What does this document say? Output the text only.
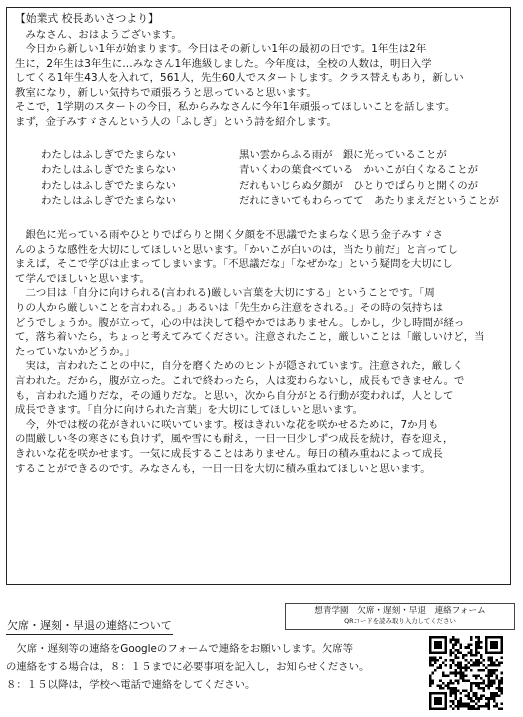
【始業式 校長あいさつより】
　みなさん、おはようございます。
　今日から新しい1年が始まります。今日はその新しい1年の最初の日です。1年生は2年
生に，2年生は3年生に…みなさん1年進級しました。今年度は，全校の人数は，明日入学
してくる1年生43人を入れて，561人，先生60人でスタートします。クラス替えもあり，新しい
教室になり，新しい気持ちで頑張ろうと思っていると思います。
そこで，1学期のスタートの今日，私からみなさんに今年1年頑張ってほしいことを話します。
まず，金子みすゞさんという人の「ふしぎ」という詩を紹介します。
わたしはふしぎでたまらない	黒い雲からふる雨が　銀に光っていることが
わたしはふしぎでたまらない	青いくわの葉食べている　かいこが白くなることが
わたしはふしぎでたまらない	だれもいじらぬ夕顔が　ひとりでぱらりと開くのが
わたしはふしぎでたまらない	だれにきいてもわらってて　あたりまえだということが
　銀色に光っている雨やひとりでぱらりと開く夕顔を不思議でたまらなく思う金子みすゞさ
んのような感性を大切にしてほしいと思います。「かいこが白いのは，当たり前だ」と言ってし
まえば，そこで学びは止まってしまいます。「不思議だな」「なぜかな」という疑問を大切にし
て学んでほしいと思います。
　二つ目は「自分に向けられる(言われる)厳しい言葉を大切にする」ということです。「周
りの人から厳しいことを言われる。」あるいは「先生から注意をされる。」その時の気持ちは
どうでしょうか。腹が立って，心の中は決して穏やかではありません。しかし，少し時間が経っ
て，落ち着いたら，ちょっと考えてみてください。注意されたこと，厳しいことは「厳しいけど，当
たっていないかどうか。」
　実は，言われたことの中に，自分を磨くためのヒントが隠されています。注意された，厳しく
言われた。だから，腹が立った。これで終わったら，人は変わらないし，成長もできません。で
も，言われた通りだな，その通りだな。と思い，次から自分がとる行動が変われば，人として
成長できます。「自分に向けられた言葉」を大切にしてほしいと思います。
　今，外では桜の花がきれいに咲いています。桜はきれいな花を咲かせるために，7か月も
の間厳しい冬の寒さにも負けず，風や雪にも耐え，一日一日少しずつ成長を続け，春を迎え，
きれいな花を咲かせます。一気に成長することはありません。毎日の積み重ねによって成長
することができるのです。みなさんも，一日一日を大切に積み重ねてほしいと思います。
欠席・遅刻・早退の連絡について
　欠席・遅刻等の連絡をGoogleのフォームで連絡をお願いします。欠席等
の連絡をする場合は，８：１５までに必要事項を記入し，お知らせください。
８：１５以降は，学校へ電話で連絡をしてください。
想青学園　欠席・遅刻・早退　連絡フォーム
QRコードを読み取り入力してください
